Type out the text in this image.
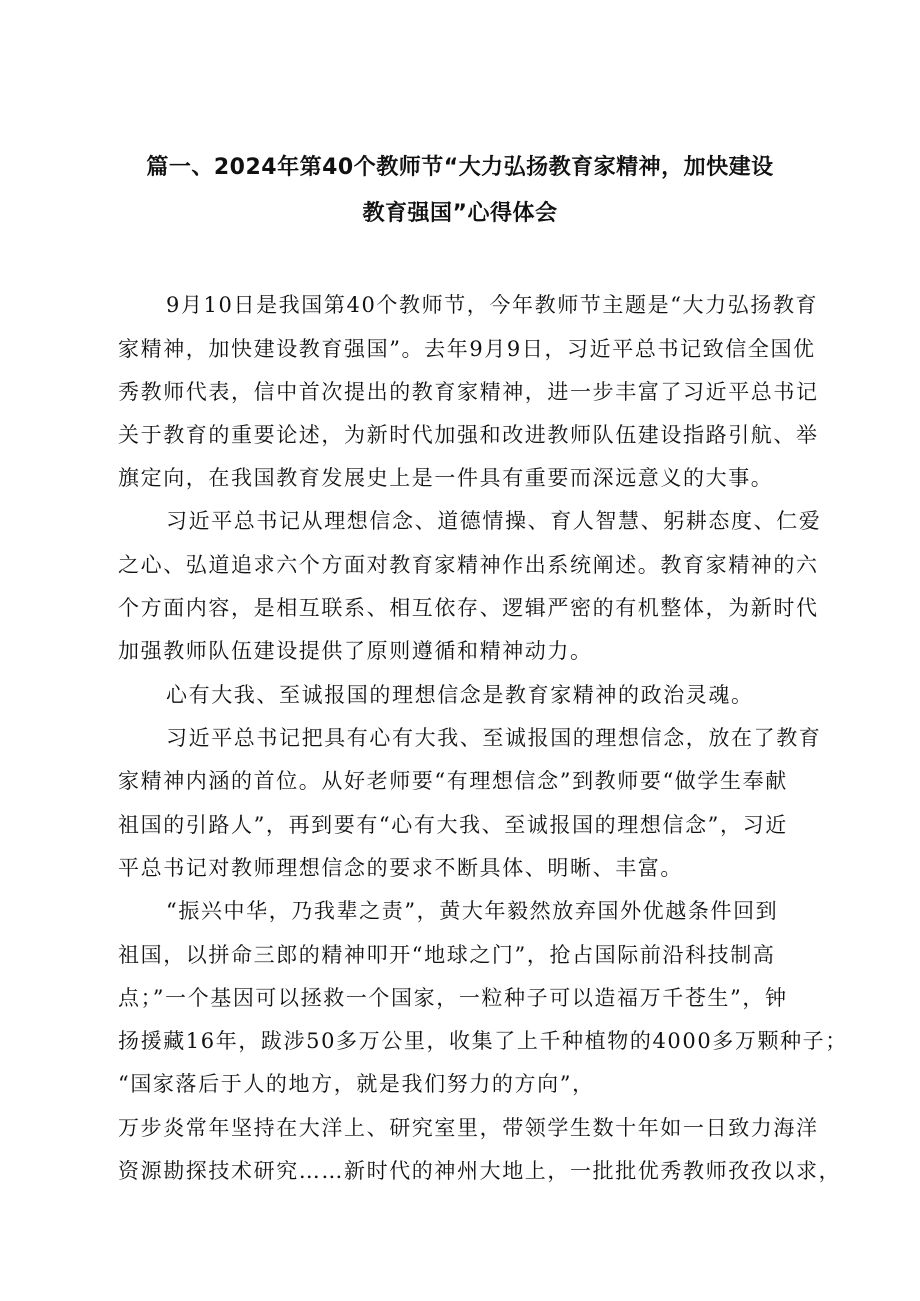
篇一、2024年第40个教师节“大力弘扬教育家精神，加快建设
教育强国”心得体会
9月10日是我国第40个教师节，今年教师节主题是“大力弘扬教育
家精神，加快建设教育强国”。去年9月9日，习近平总书记致信全国优
秀教师代表，信中首次提出的教育家精神，进一步丰富了习近平总书记
关于教育的重要论述，为新时代加强和改进教师队伍建设指路引航、举
旗定向，在我国教育发展史上是一件具有重要而深远意义的大事。
习近平总书记从理想信念、道德情操、育人智慧、躬耕态度、仁爱
之心、弘道追求六个方面对教育家精神作出系统阐述。教育家精神的六
个方面内容，是相互联系、相互依存、逻辑严密的有机整体，为新时代
加强教师队伍建设提供了原则遵循和精神动力。
心有大我、至诚报国的理想信念是教育家精神的政治灵魂。
习近平总书记把具有心有大我、至诚报国的理想信念，放在了教育
家精神内涵的首位。从好老师要“有理想信念”到教师要“做学生奉献
祖国的引路人”，再到要有“心有大我、至诚报国的理想信念”，习近
平总书记对教师理想信念的要求不断具体、明晰、丰富。
“振兴中华，乃我辈之责”，黄大年毅然放弃国外优越条件回到
祖国，以拼命三郎的精神叩开“地球之门”，抢占国际前沿科技制高
点；”一个基因可以拯救一个国家，一粒种子可以造福万千苍生”，钟
扬援藏16年，跋涉50多万公里，收集了上千种植物的4000多万颗种子；
“国家落后于人的地方，就是我们努力的方向”，
万步炎常年坚持在大洋上、研究室里，带领学生数十年如一日致力海洋
资源勘探技术研究……新时代的神州大地上，一批批优秀教师孜孜以求，
